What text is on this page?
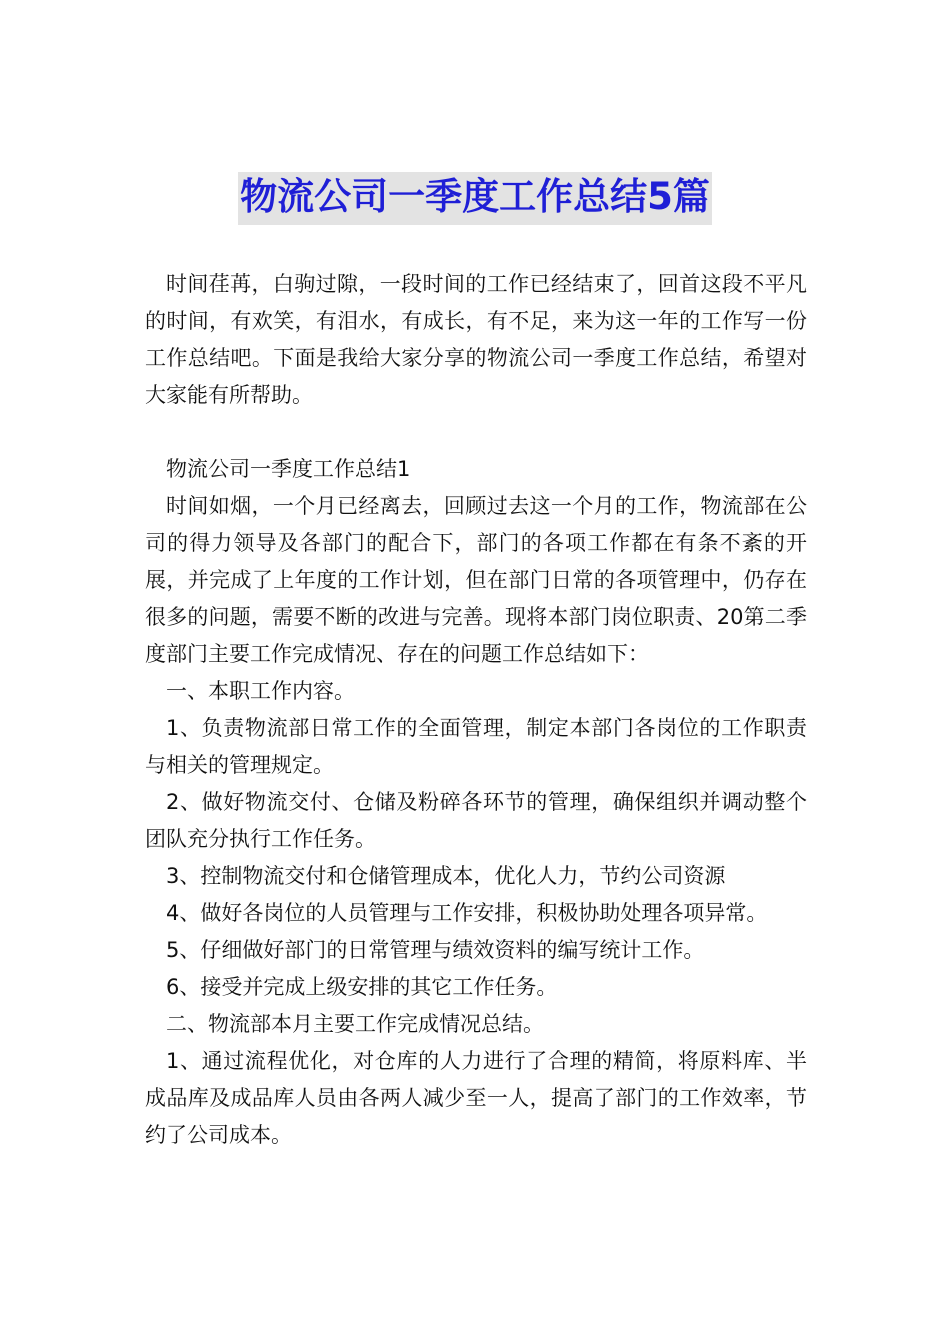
物流公司一季度工作总结5篇

时间荏苒，白驹过隙，一段时间的工作已经结束了，回首这段不平凡的时间，有欢笑，有泪水，有成长，有不足，来为这一年的工作写一份工作总结吧。下面是我给大家分享的物流公司一季度工作总结，希望对大家能有所帮助。

物流公司一季度工作总结1

时间如烟，一个月已经离去，回顾过去这一个月的工作，物流部在公司的得力领导及各部门的配合下，部门的各项工作都在有条不紊的开展，并完成了上年度的工作计划，但在部门日常的各项管理中，仍存在很多的问题，需要不断的改进与完善。现将本部门岗位职责、20第二季度部门主要工作完成情况、存在的问题工作总结如下：

一、本职工作内容。

1、负责物流部日常工作的全面管理，制定本部门各岗位的工作职责与相关的管理规定。

2、做好物流交付、仓储及粉碎各环节的管理，确保组织并调动整个团队充分执行工作任务。

3、控制物流交付和仓储管理成本，优化人力，节约公司资源

4、做好各岗位的人员管理与工作安排，积极协助处理各项异常。

5、仔细做好部门的日常管理与绩效资料的编写统计工作。

6、接受并完成上级安排的其它工作任务。

二、物流部本月主要工作完成情况总结。

1、通过流程优化，对仓库的人力进行了合理的精简，将原料库、半成品库及成品库人员由各两人减少至一人，提高了部门的工作效率，节约了公司成本。
